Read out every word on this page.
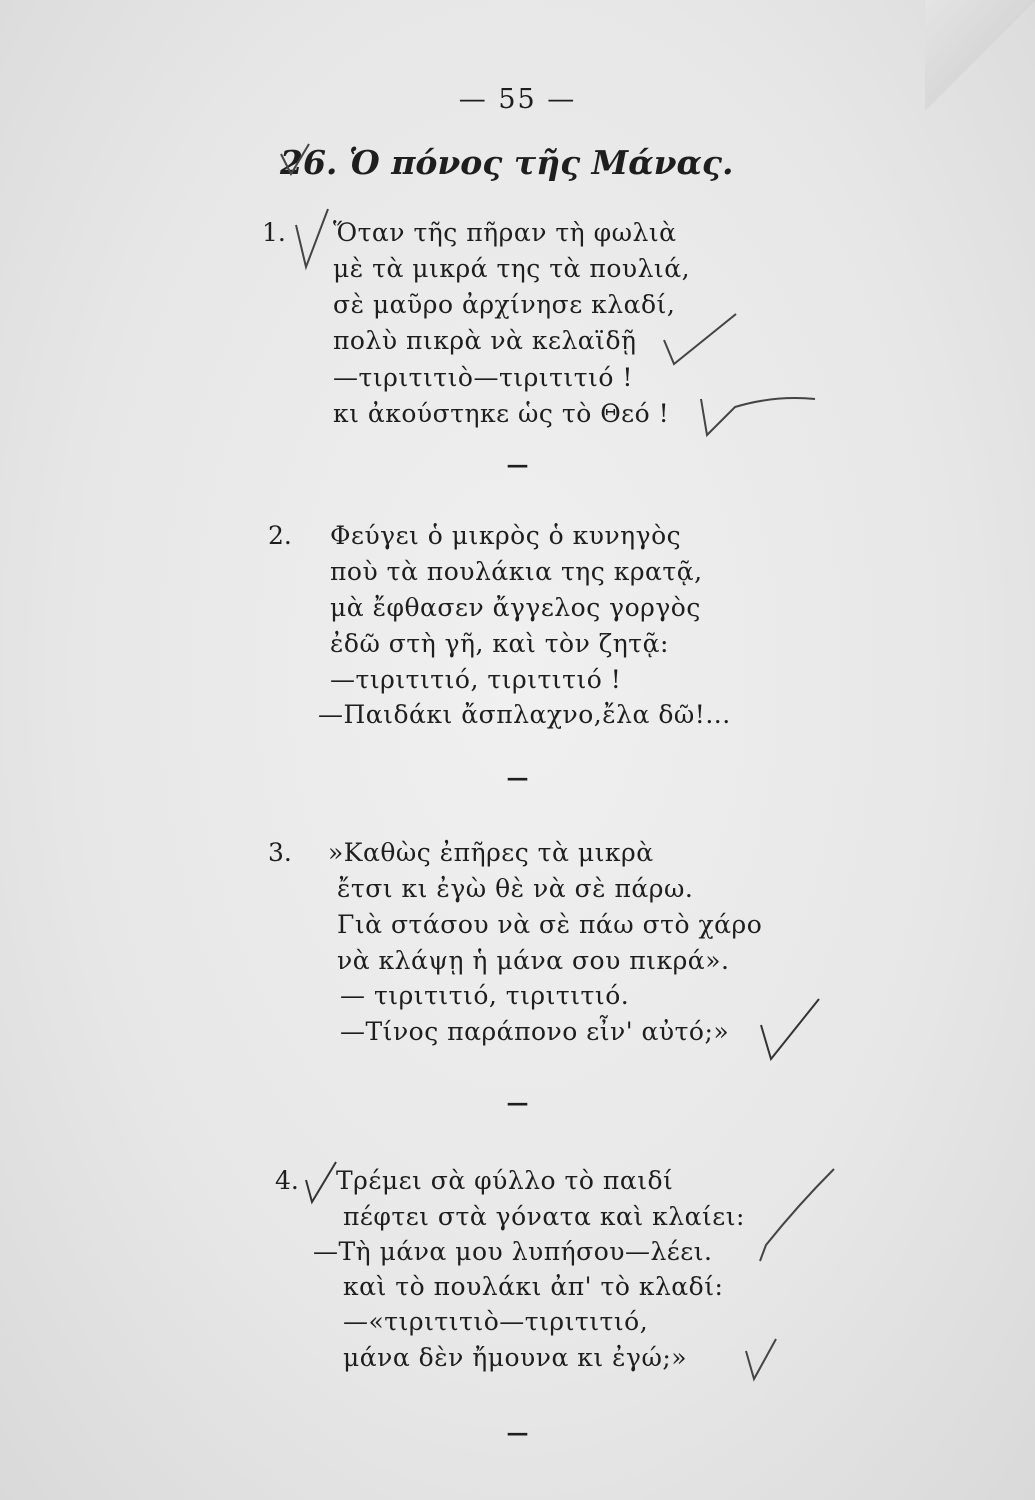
— 55 —
26. Ὁ πόνος τῆς Μάνας.
1. Ὅταν τῆς πῆραν τὴ φωλιὰ
μὲ τὰ μικρά της τὰ πουλιά,
σὲ μαῦρο ἀρχίνησε κλαδί,
πολὺ πικρὰ νὰ κελαϊδῇ
—τιριτιτιὸ—τιριτιτιό !
κι ἀκούστηκε ὡς τὸ Θεό !
—
2. Φεύγει ὁ μικρὸς ὁ κυνηγὸς
ποὺ τὰ πουλάκια της κρατᾷ,
μὰ ἔφθασεν ἄγγελος γοργὸς
ἐδῶ στὴ γῆ, καὶ τὸν ζητᾷ:
—τιριτιτιό, τιριτιτιό !
—Παιδάκι ἄσπλαχνο,ἔλα δῶ!...
—
3. »Καθὼς ἐπῆρες τὰ μικρὰ
ἔτσι κι ἐγὼ θὲ νὰ σὲ πάρω.
Γιὰ στάσου νὰ σὲ πάω στὸ χάρο
νὰ κλάψῃ ἡ μάνα σου πικρά».
— τιριτιτιό, τιριτιτιό.
—Τίνος παράπονο εἶν' αὐτό;»
—
4. Τρέμει σὰ φύλλο τὸ παιδί
πέφτει στὰ γόνατα καὶ κλαίει:
—Τὴ μάνα μου λυπήσου—λέει.
καὶ τὸ πουλάκι ἀπ' τὸ κλαδί:
—«τιριτιτιὸ—τιριτιτιό,
μάνα δὲν ἤμουνα κι ἐγώ;»
—
